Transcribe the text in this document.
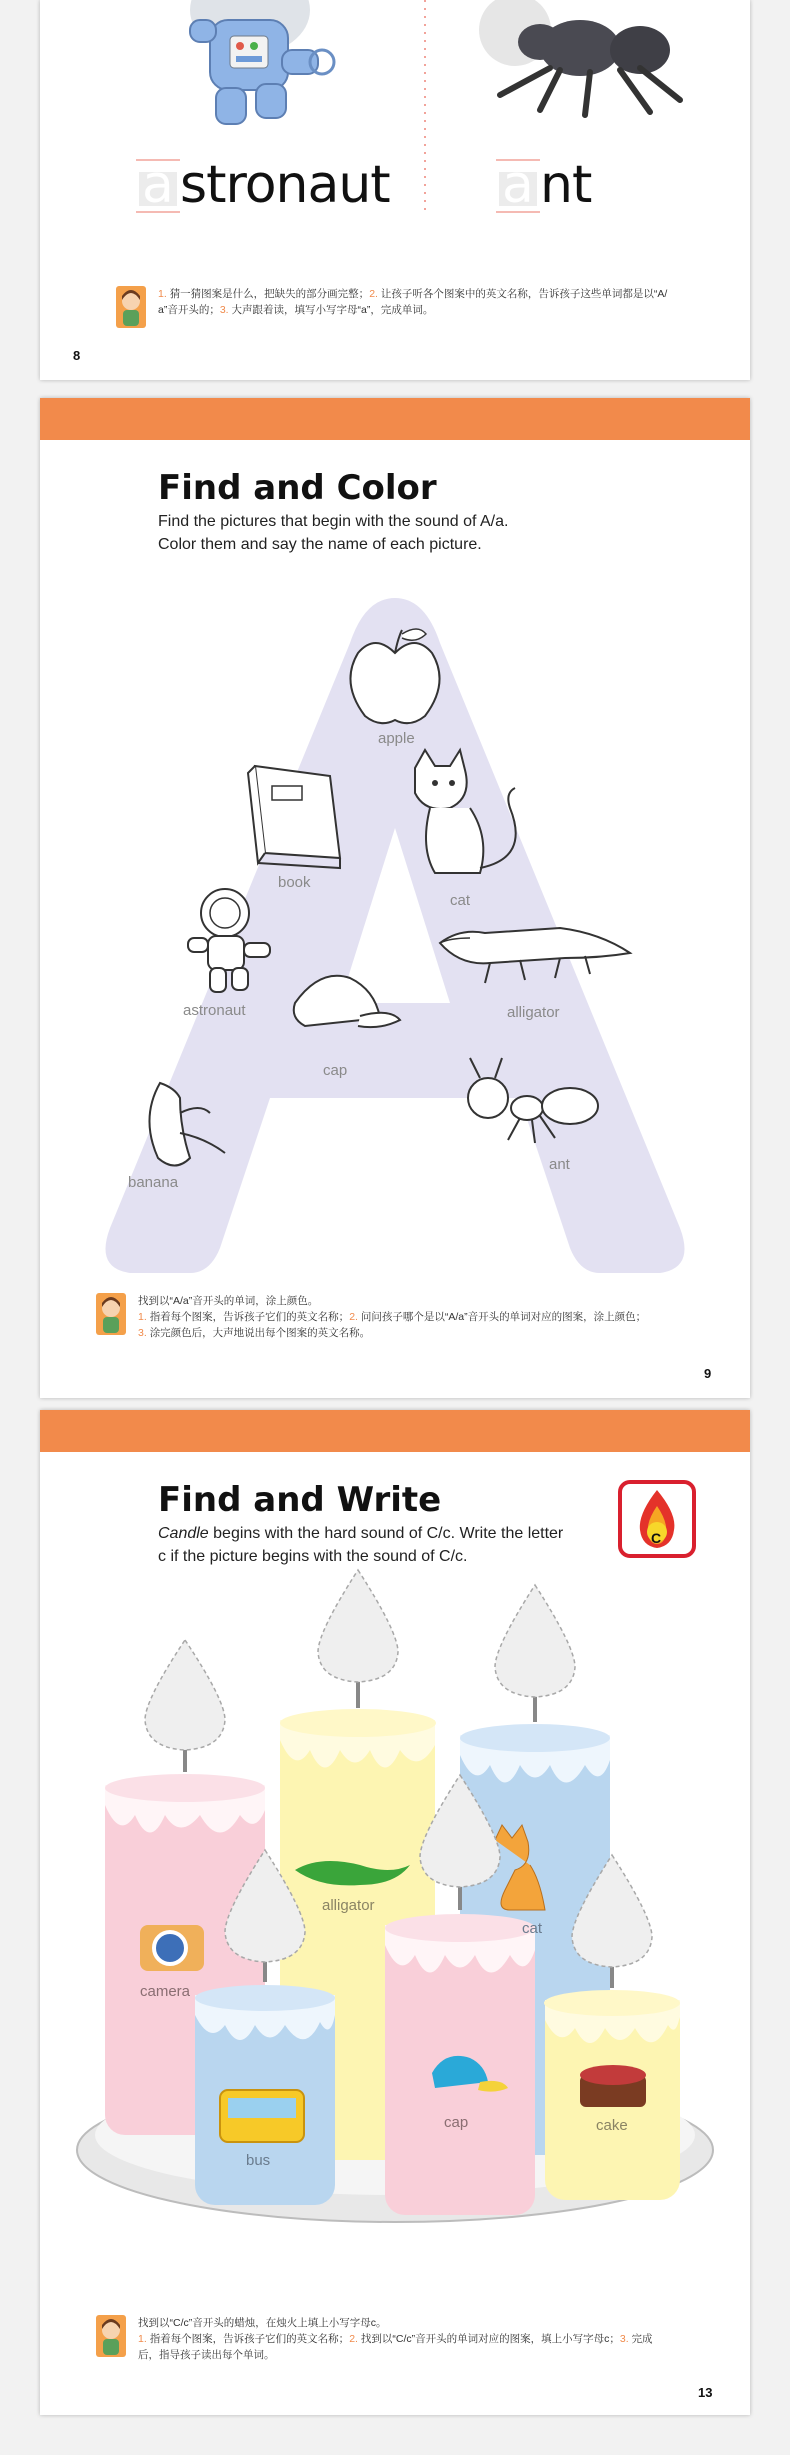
a stronaut a nt
1. 猜一猜图案是什么，把缺失的部分画完整；2. 让孩子听各个图案中的英文名称，告诉孩子这些单词都是以“A/
a”音开头的；3. 大声跟着读，填写小写字母“a”，完成单词。
8
Find and Color
Find the pictures that begin with the sound of A/a.
Color them and say the name of each picture.
apple
book
cat
astronaut	alligator
cap
banana
ant
找到以“A/a”音开头的单词，涂上颜色。
1. 指着每个图案，告诉孩子它们的英文名称；2. 问问孩子哪个是以“A/a”音开头的单词对应的图案，涂上颜色；
3. 涂完颜色后，大声地说出每个图案的英文名称。
9
Find and Write
Candle begins with the hard sound of C/c. Write the letter
c if the picture begins with the sound of C/c.
C
camera
alligator
cat
bus
cap	cake
找到以“C/c”音开头的蜡烛，在烛火上填上小写字母c。
1. 指着每个图案，告诉孩子它们的英文名称；2. 找到以“C/c”音开头的单词对应的图案，填上小写字母c；3. 完成
后，指导孩子读出每个单词。
13
